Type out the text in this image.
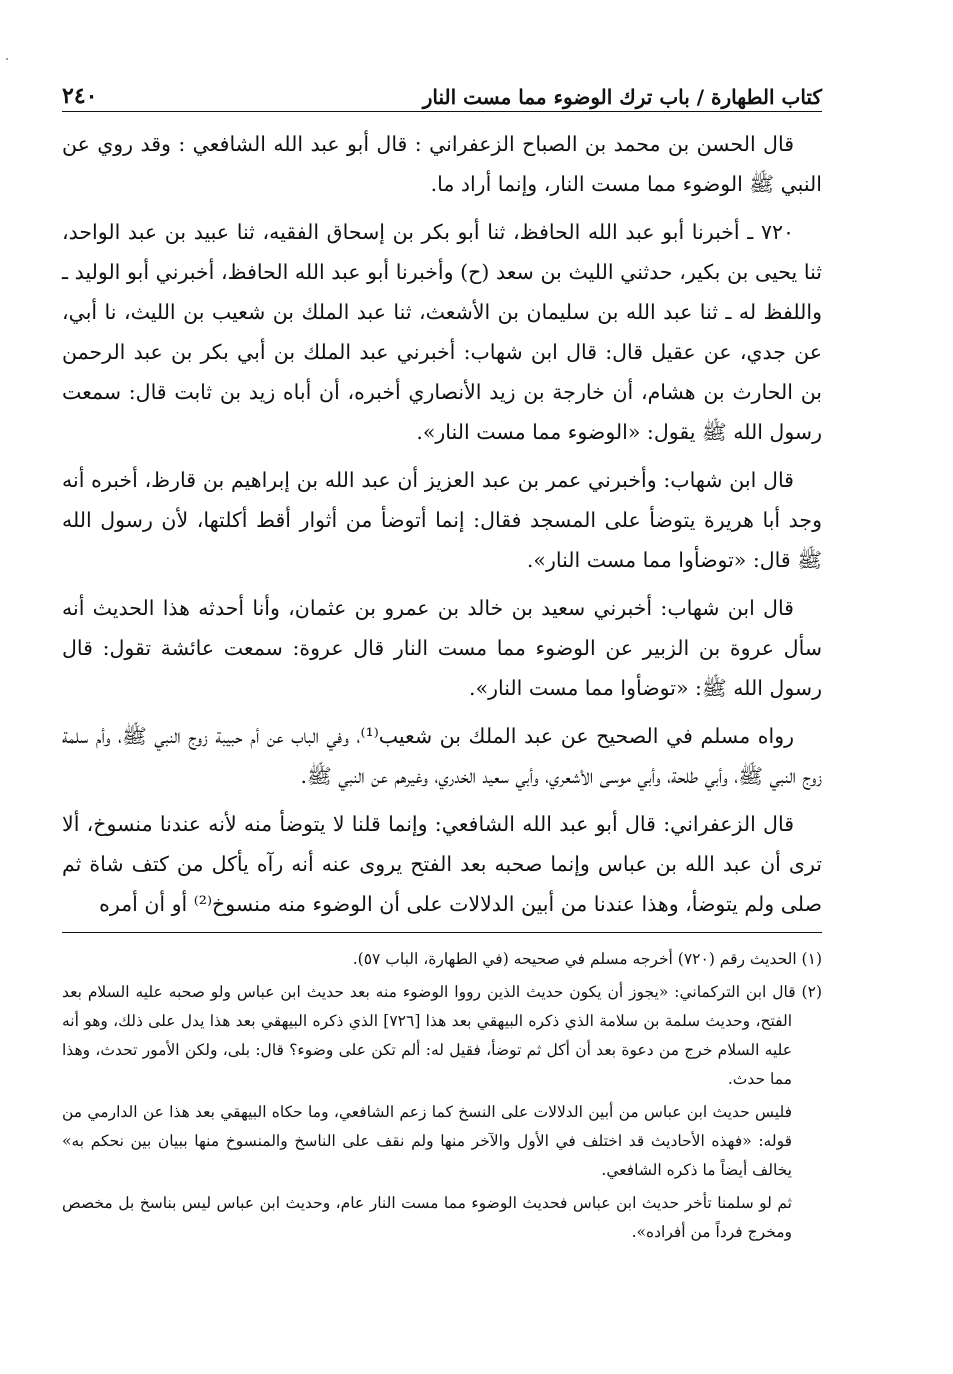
كتاب الطهارة / باب ترك الوضوء مما مست النار
٢٤٠

قال الحسن بن محمد بن الصباح الزعفراني : قال أبو عبد الله الشافعي : وقد روي عن النبي ﷺ الوضوء مما مست النار، وإنما أراد ما.

٧٢٠ ـ أخبرنا أبو عبد الله الحافظ، ثنا أبو بكر بن إسحاق الفقيه، ثنا عبيد بن عبد الواحد، ثنا يحيى بن بكير، حدثني الليث بن سعد (ح) وأخبرنا أبو عبد الله الحافظ، أخبرني أبو الوليد ـ واللفظ له ـ ثنا عبد الله بن سليمان بن الأشعث، ثنا عبد الملك بن شعيب بن الليث، نا أبي، عن جدي، عن عقيل قال: قال ابن شهاب: أخبرني عبد الملك بن أبي بكر بن عبد الرحمن بن الحارث بن هشام، أن خارجة بن زيد الأنصاري أخبره، أن أباه زيد بن ثابت قال: سمعت رسول الله ﷺ يقول: «الوضوء مما مست النار».

قال ابن شهاب: وأخبرني عمر بن عبد العزيز أن عبد الله بن إبراهيم بن قارظ، أخبره أنه وجد أبا هريرة يتوضأ على المسجد فقال: إنما أتوضأ من أثوار أقط أكلتها، لأن رسول الله ﷺ قال: «توضأوا مما مست النار».

قال ابن شهاب: أخبرني سعيد بن خالد بن عمرو بن عثمان، وأنا أحدثه هذا الحديث أنه سأل عروة بن الزبير عن الوضوء مما مست النار قال عروة: سمعت عائشة تقول: قال رسول الله ﷺ: «توضأوا مما مست النار».

رواه مسلم في الصحيح عن عبد الملك بن شعيب⁽¹⁾، وفي الباب عن أم حبيبة زوج النبي ﷺ، وأم سلمة زوج النبي ﷺ، وأبي طلحة، وأبي موسى الأشعري، وأبي سعيد الخدري، وغيرهم عن النبي ﷺ.

قال الزعفراني: قال أبو عبد الله الشافعي: وإنما قلنا لا يتوضأ منه لأنه عندنا منسوخ، ألا ترى أن عبد الله بن عباس وإنما صحبه بعد الفتح يروى عنه أنه رآه يأكل من كتف شاة ثم صلى ولم يتوضأ، وهذا عندنا من أبين الدلالات على أن الوضوء منه منسوخ⁽²⁾ أو أن أمره

(١) الحديث رقم (٧٢٠) أخرجه مسلم في صحيحه (في الطهارة، الباب ٥٧).

(٢) قال ابن التركماني: «يجوز أن يكون حديث الذين رووا الوضوء منه بعد حديث ابن عباس ولو صحبه عليه السلام بعد الفتح، وحديث سلمة بن سلامة الذي ذكره البيهقي بعد هذا [٧٢٦] الذي ذكره البيهقي بعد هذا يدل على ذلك، وهو أنه عليه السلام خرج من دعوة بعد أن أكل ثم توضأ، فقيل له: ألم تكن على وضوء؟ قال: بلى، ولكن الأمور تحدث، وهذا مما حدث.

فليس حديث ابن عباس من أبين الدلالات على النسخ كما زعم الشافعي، وما حكاه البيهقي بعد هذا عن الدارمي من قوله: «فهذه الأحاديث قد اختلف في الأول والآخر منها ولم نقف على الناسخ والمنسوخ منها ببيان بين نحكم به» يخالف أيضاً ما ذكره الشافعي.

ثم لو سلمنا تأخر حديث ابن عباس فحديث الوضوء مما مست النار عام، وحديث ابن عباس ليس بناسخ بل مخصص ومخرج فرداً من أفراده».
